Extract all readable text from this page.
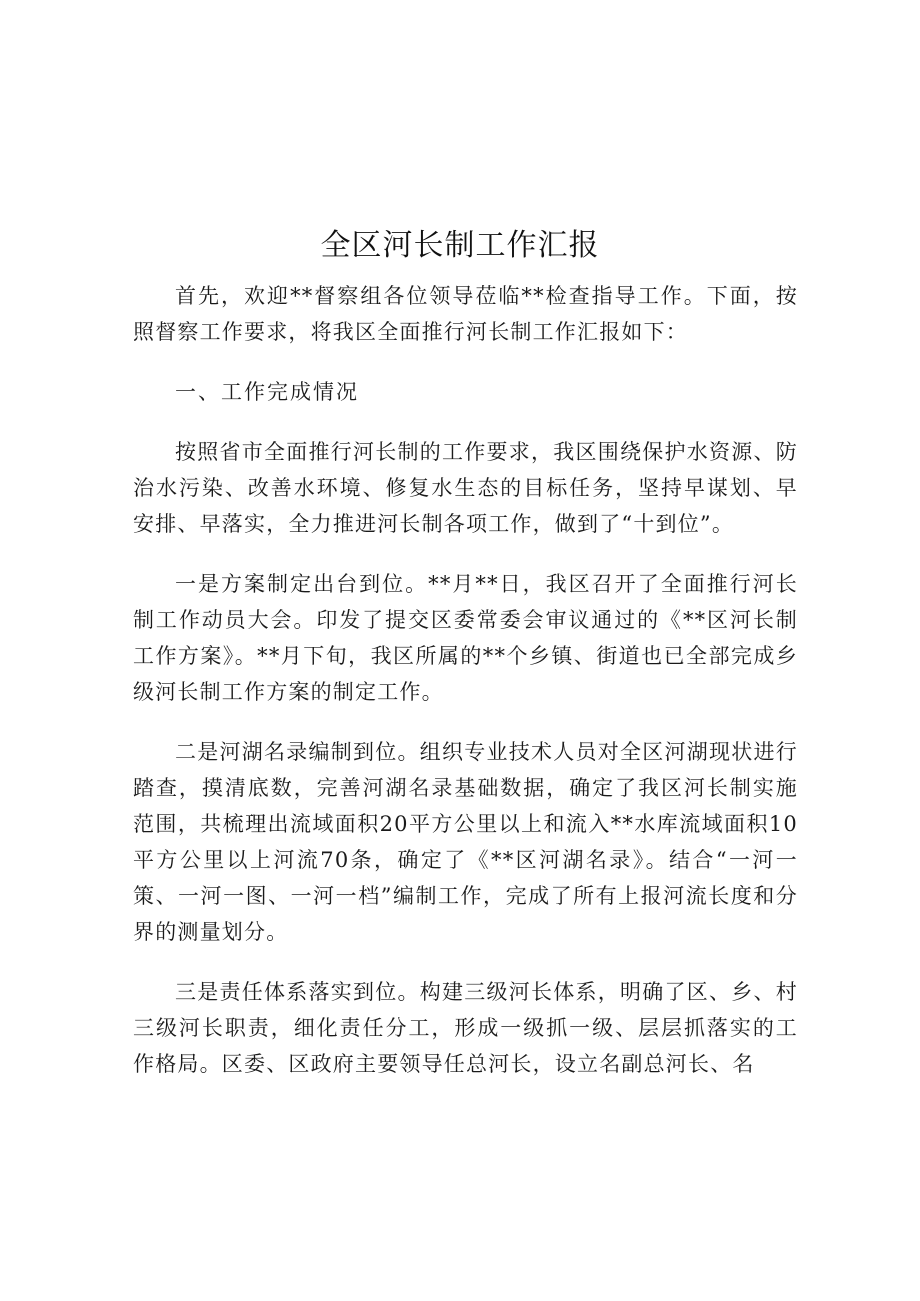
全区河长制工作汇报

首先，欢迎**督察组各位领导莅临**检查指导工作。下面，按照督察工作要求，将我区全面推行河长制工作汇报如下：

一、工作完成情况

按照省市全面推行河长制的工作要求，我区围绕保护水资源、防治水污染、改善水环境、修复水生态的目标任务，坚持早谋划、早安排、早落实，全力推进河长制各项工作，做到了“十到位”。

一是方案制定出台到位。**月**日，我区召开了全面推行河长制工作动员大会。印发了提交区委常委会审议通过的《**区河长制工作方案》。**月下旬，我区所属的**个乡镇、街道也已全部完成乡级河长制工作方案的制定工作。

二是河湖名录编制到位。组织专业技术人员对全区河湖现状进行踏查，摸清底数，完善河湖名录基础数据，确定了我区河长制实施范围，共梳理出流域面积20平方公里以上和流入**水库流域面积10平方公里以上河流70条，确定了《**区河湖名录》。结合“一河一策、一河一图、一河一档”编制工作，完成了所有上报河流长度和分界的测量划分。

三是责任体系落实到位。构建三级河长体系，明确了区、乡、村三级河长职责，细化责任分工，形成一级抓一级、层层抓落实的工作格局。区委、区政府主要领导任总河长，设立名副总河长、名
